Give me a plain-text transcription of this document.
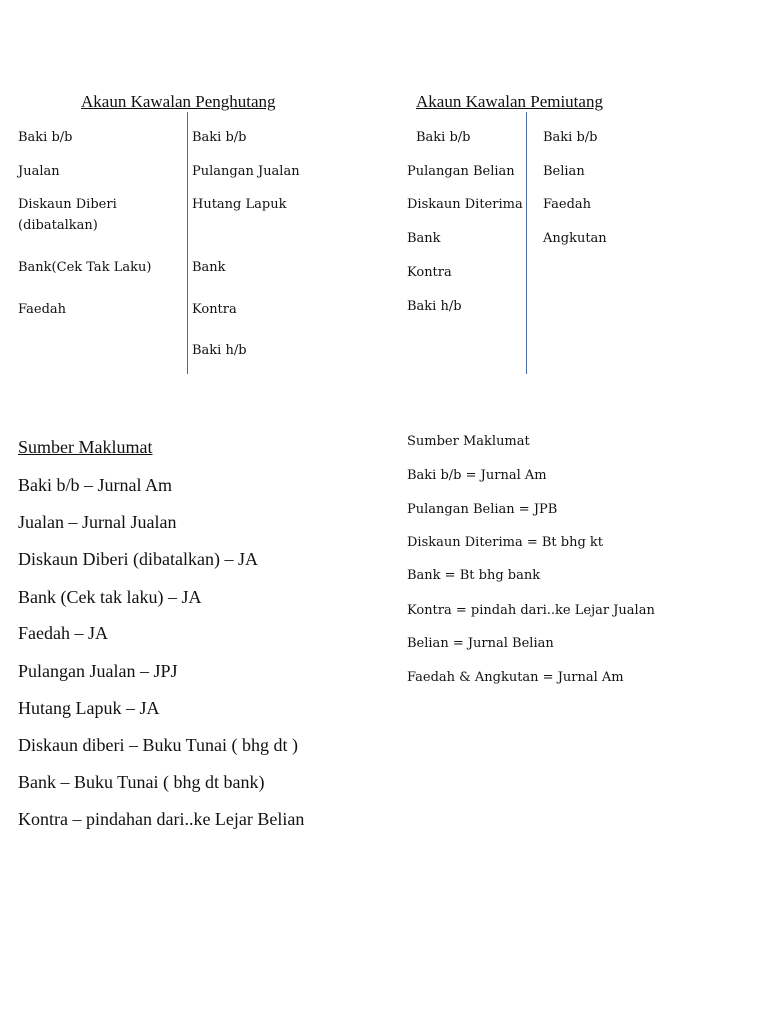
Akaun Kawalan Penghutang
Baki b/b
Jualan
Diskaun Diberi
(dibatalkan)
Bank(Cek Tak Laku)
Faedah
Baki b/b
Pulangan Jualan
Hutang Lapuk
Bank
Kontra
Baki h/b
Akaun Kawalan Pemiutang
Baki b/b
Pulangan Belian
Diskaun Diterima
Bank
Kontra
Baki h/b
Baki b/b
Belian
Faedah
Angkutan
Sumber Maklumat
Baki b/b – Jurnal Am
Jualan – Jurnal Jualan
Diskaun Diberi (dibatalkan) – JA
Bank (Cek tak laku) – JA
Faedah – JA
Pulangan Jualan – JPJ
Hutang Lapuk – JA
Diskaun diberi – Buku Tunai ( bhg dt )
Bank – Buku Tunai ( bhg dt bank)
Kontra – pindahan dari..ke Lejar Belian
Sumber Maklumat
Baki b/b = Jurnal Am
Pulangan Belian = JPB
Diskaun Diterima = Bt bhg kt
Bank = Bt bhg bank
Kontra = pindah dari..ke Lejar Jualan
Belian = Jurnal Belian
Faedah & Angkutan = Jurnal Am
